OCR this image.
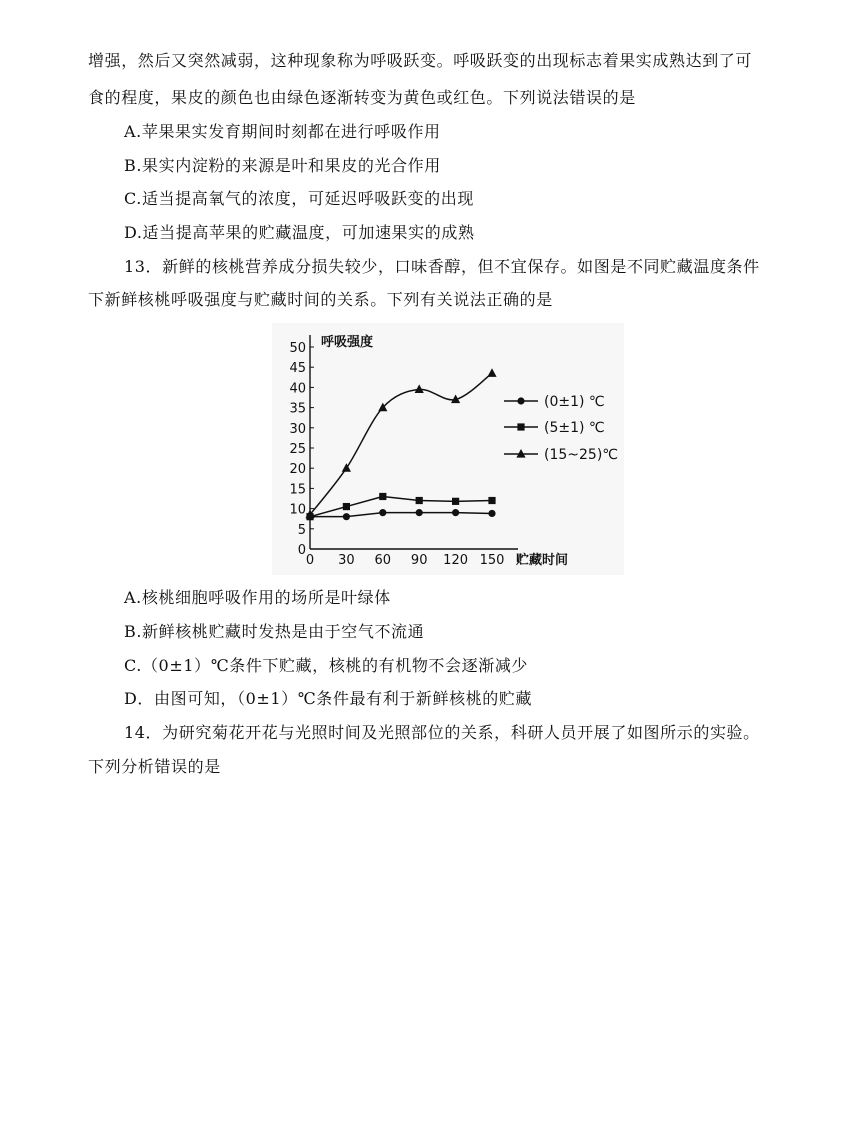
增强，然后又突然减弱，这种现象称为呼吸跃变。呼吸跃变的出现标志着果实成熟达到了可
食的程度，果皮的颜色也由绿色逐渐转变为黄色或红色。下列说法错误的是
A.苹果果实发育期间时刻都在进行呼吸作用
B.果实内淀粉的来源是叶和果皮的光合作用
C.适当提高氧气的浓度，可延迟呼吸跃变的出现
D.适当提高苹果的贮藏温度，可加速果实的成熟
13．新鲜的核桃营养成分损失较少，口味香醇，但不宜保存。如图是不同贮藏温度条件
下新鲜核桃呼吸强度与贮藏时间的关系。下列有关说法正确的是
0
5
10
15
20
25
30
35
40
45
50
0 30 60 90 120 150
(0±1) ℃
(5±1) ℃
(15~25)℃
呼吸强度
贮藏时间
A.核桃细胞呼吸作用的场所是叶绿体
B.新鲜核桃贮藏时发热是由于空气不流通
C.（0±1）℃条件下贮藏，核桃的有机物不会逐渐减少
D．由图可知，（0±1）℃条件最有利于新鲜核桃的贮藏
14．为研究菊花开花与光照时间及光照部位的关系，科研人员开展了如图所示的实验。
下列分析错误的是
